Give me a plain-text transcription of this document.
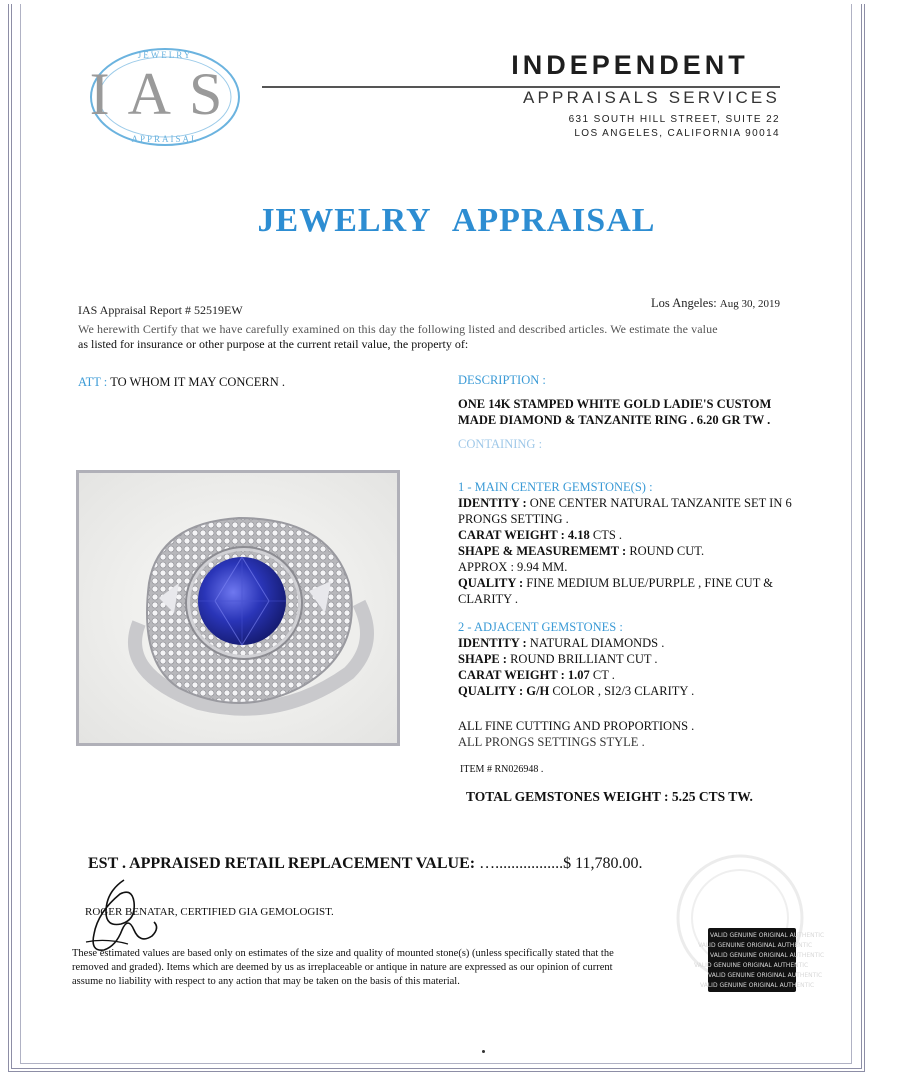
IAS
JEWELRY
APPRAISAL
INDEPENDENT
APPRAISALS SERVICES
631 SOUTH HILL STREET, SUITE 22
LOS ANGELES, CALIFORNIA 90014
JEWELRY APPRAISAL
IAS Appraisal Report # 52519EW	Los Angeles: Aug 30, 2019
We herewith Certify that we have carefully examined on this day the following listed and described articles. We estimate the value
as listed for insurance or other purpose at the current retail value, the property of:
ATT : TO WHOM IT MAY CONCERN .	DESCRIPTION :
ONE 14K STAMPED WHITE GOLD LADIE'S CUSTOM
MADE DIAMOND & TANZANITE RING . 6.20 GR TW .
CONTAINING :
1 - MAIN CENTER GEMSTONE(S) :
IDENTITY : ONE CENTER NATURAL TANZANITE SET IN 6
PRONGS SETTING .
CARAT WEIGHT : 4.18 CTS .
SHAPE & MEASUREMEMT : ROUND CUT.
APPROX : 9.94 MM.
QUALITY : FINE MEDIUM BLUE/PURPLE , FINE CUT &
CLARITY .
2 - ADJACENT GEMSTONES :
IDENTITY : NATURAL DIAMONDS .
SHAPE : ROUND BRILLIANT CUT .
CARAT WEIGHT : 1.07 CT .
QUALITY : G/H COLOR , SI2/3 CLARITY .
ALL FINE CUTTING AND PROPORTIONS .
ALL PRONGS SETTINGS STYLE .
ITEM # RN026948 .
TOTAL GEMSTONES WEIGHT : 5.25 CTS TW.
EST . APPRAISED RETAIL REPLACEMENT VALUE: ….................$ 11,780.00.
ROGER BENATAR, CERTIFIED GIA GEMOLOGIST.
These estimated values are based only on estimates of the size and quality of mounted stone(s) (unless specifically stated that the
removed and graded). Items which are deemed by us as irreplaceable or antique in nature are expressed as our opinion of current
assume no liability with respect to any action that may be taken on the basis of this material.
VALID GENUINE ORIGINAL AUTHENTIC
VALID GENUINE ORIGINAL AUTHENTIC
VALID GENUINE ORIGINAL AUTHENTIC
VALID GENUINE ORIGINAL AUTHENTIC
VALID GENUINE ORIGINAL AUTHENTIC
VALID GENUINE ORIGINAL AUTHENTIC
